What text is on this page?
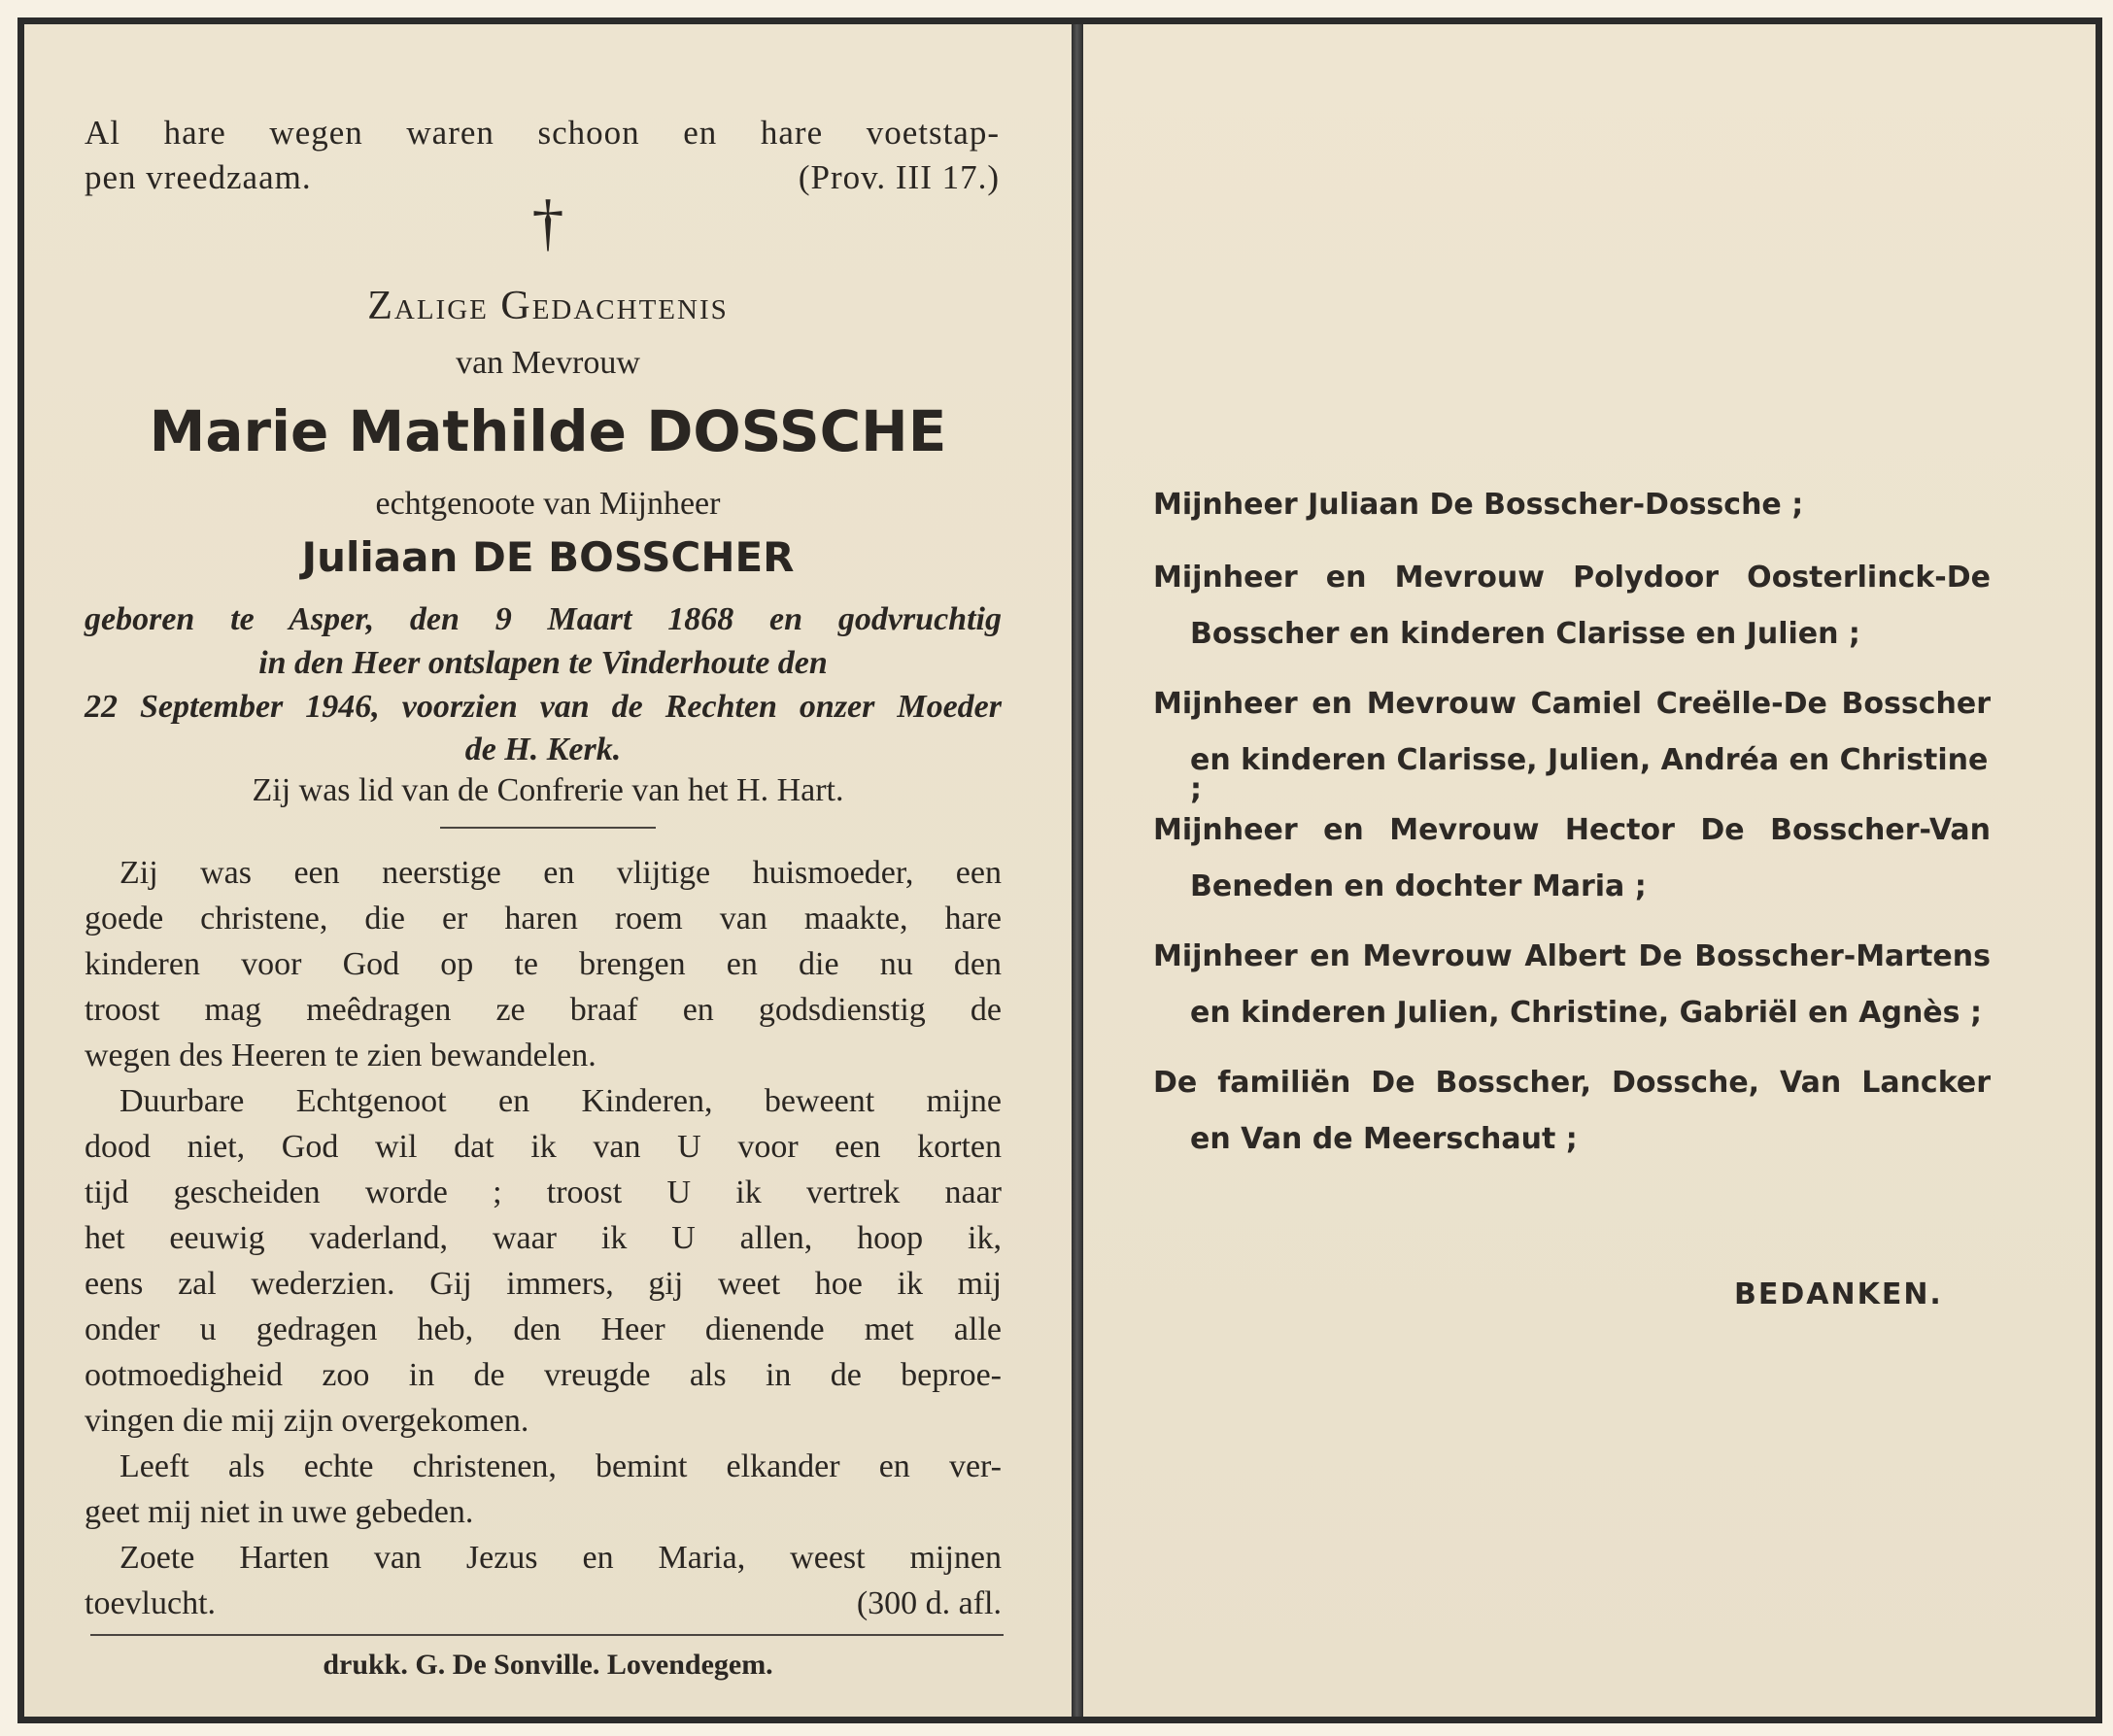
Al hare wegen waren schoon en hare voetstap-
pen vreedzaam.	(Prov. III 17.)
†
Zalige Gedachtenis
van Mevrouw
Marie Mathilde DOSSCHE
echtgenoote van Mijnheer
Juliaan DE BOSSCHER
geboren te Asper, den 9 Maart 1868 en godvruchtig
in den Heer ontslapen te Vinderhoute den
22 September 1946, voorzien van de Rechten onzer Moeder
de H. Kerk.
Zij was lid van de Confrerie van het H. Hart.
Zij was een neerstige en vlijtige huismoeder, een
goede christene, die er haren roem van maakte, hare
kinderen voor God op te brengen en die nu den
troost mag meêdragen ze braaf en godsdienstig de
wegen des Heeren te zien bewandelen.
Duurbare Echtgenoot en Kinderen, beweent mijne
dood niet, God wil dat ik van U voor een korten
tijd gescheiden worde ; troost U ik vertrek naar
het eeuwig vaderland, waar ik U allen, hoop ik,
eens zal wederzien. Gij immers, gij weet hoe ik mij
onder u gedragen heb, den Heer dienende met alle
ootmoedigheid zoo in de vreugde als in de beproe-
vingen die mij zijn overgekomen.
Leeft als echte christenen, bemint elkander en ver-
geet mij niet in uwe gebeden.
Zoete Harten van Jezus en Maria, weest mijnen
toevlucht.	(300 d. afl.
drukk. G. De Sonville. Lovendegem.
Mijnheer Juliaan De Bosscher-Dossche ;
Mijnheer en Mevrouw Polydoor Oosterlinck-De
Bosscher en kinderen Clarisse en Julien ;
Mijnheer en Mevrouw Camiel Creëlle-De Bosscher
en kinderen Clarisse, Julien, Andréa en Christine ;
Mijnheer en Mevrouw Hector De Bosscher-Van
Beneden en dochter Maria ;
Mijnheer en Mevrouw Albert De Bosscher-Martens
en kinderen Julien, Christine, Gabriël en Agnès ;
De familiën De Bosscher, Dossche, Van Lancker
en Van de Meerschaut ;
BEDANKEN.
